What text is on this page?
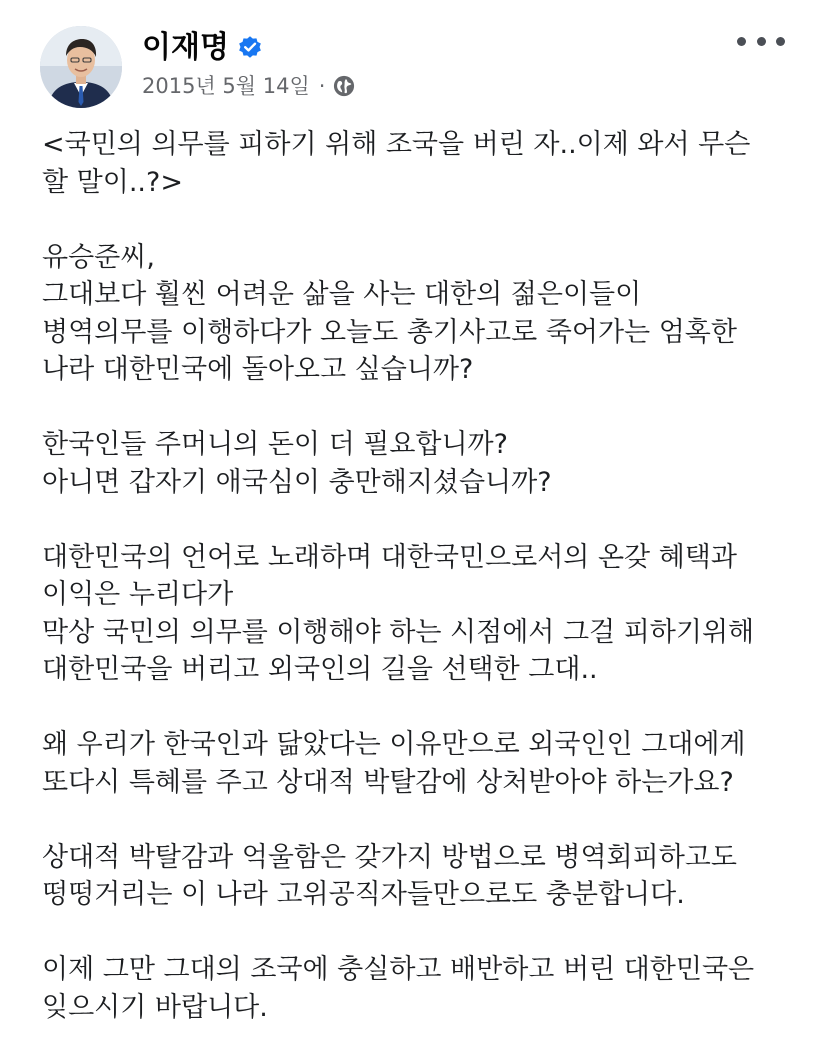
이재명
2015년 5월 14일 ·
<국민의 의무를 피하기 위해 조국을 버린 자..이제 와서 무슨
할 말이..?>
유승준씨,
그대보다 훨씬 어려운 삶을 사는 대한의 젊은이들이
병역의무를 이행하다가 오늘도 총기사고로 죽어가는 엄혹한
나라 대한민국에 돌아오고 싶습니까?
한국인들 주머니의 돈이 더 필요합니까?
아니면 갑자기 애국심이 충만해지셨습니까?
대한민국의 언어로 노래하며 대한국민으로서의 온갖 혜택과
이익은 누리다가
막상 국민의 의무를 이행해야 하는 시점에서 그걸 피하기위해
대한민국을 버리고 외국인의 길을 선택한 그대..
왜 우리가 한국인과 닮았다는 이유만으로 외국인인 그대에게
또다시 특혜를 주고 상대적 박탈감에 상처받아야 하는가요?
상대적 박탈감과 억울함은 갖가지 방법으로 병역회피하고도
떵떵거리는 이 나라 고위공직자들만으로도 충분합니다.
이제 그만 그대의 조국에 충실하고 배반하고 버린 대한민국은
잊으시기 바랍니다.
